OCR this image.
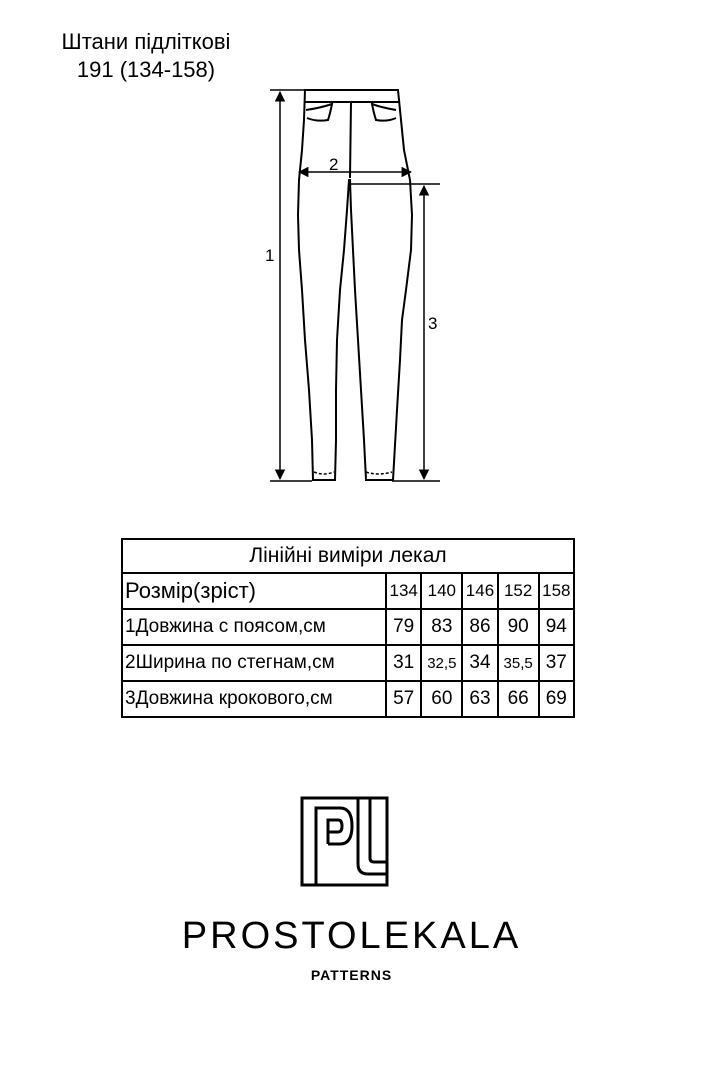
Штани підліткові
191 (134-158)
1
2
3
Лінійні виміри лекал					
Розмір(зріст)	134	140	146	152	158
1Довжина с поясом,см	79	83	86	90	94
2Ширина по стегнам,см	31	32,5	34	35,5	37
3Довжина крокового,см	57	60	63	66	69
PROSTOLEKALA
PATTERNS
